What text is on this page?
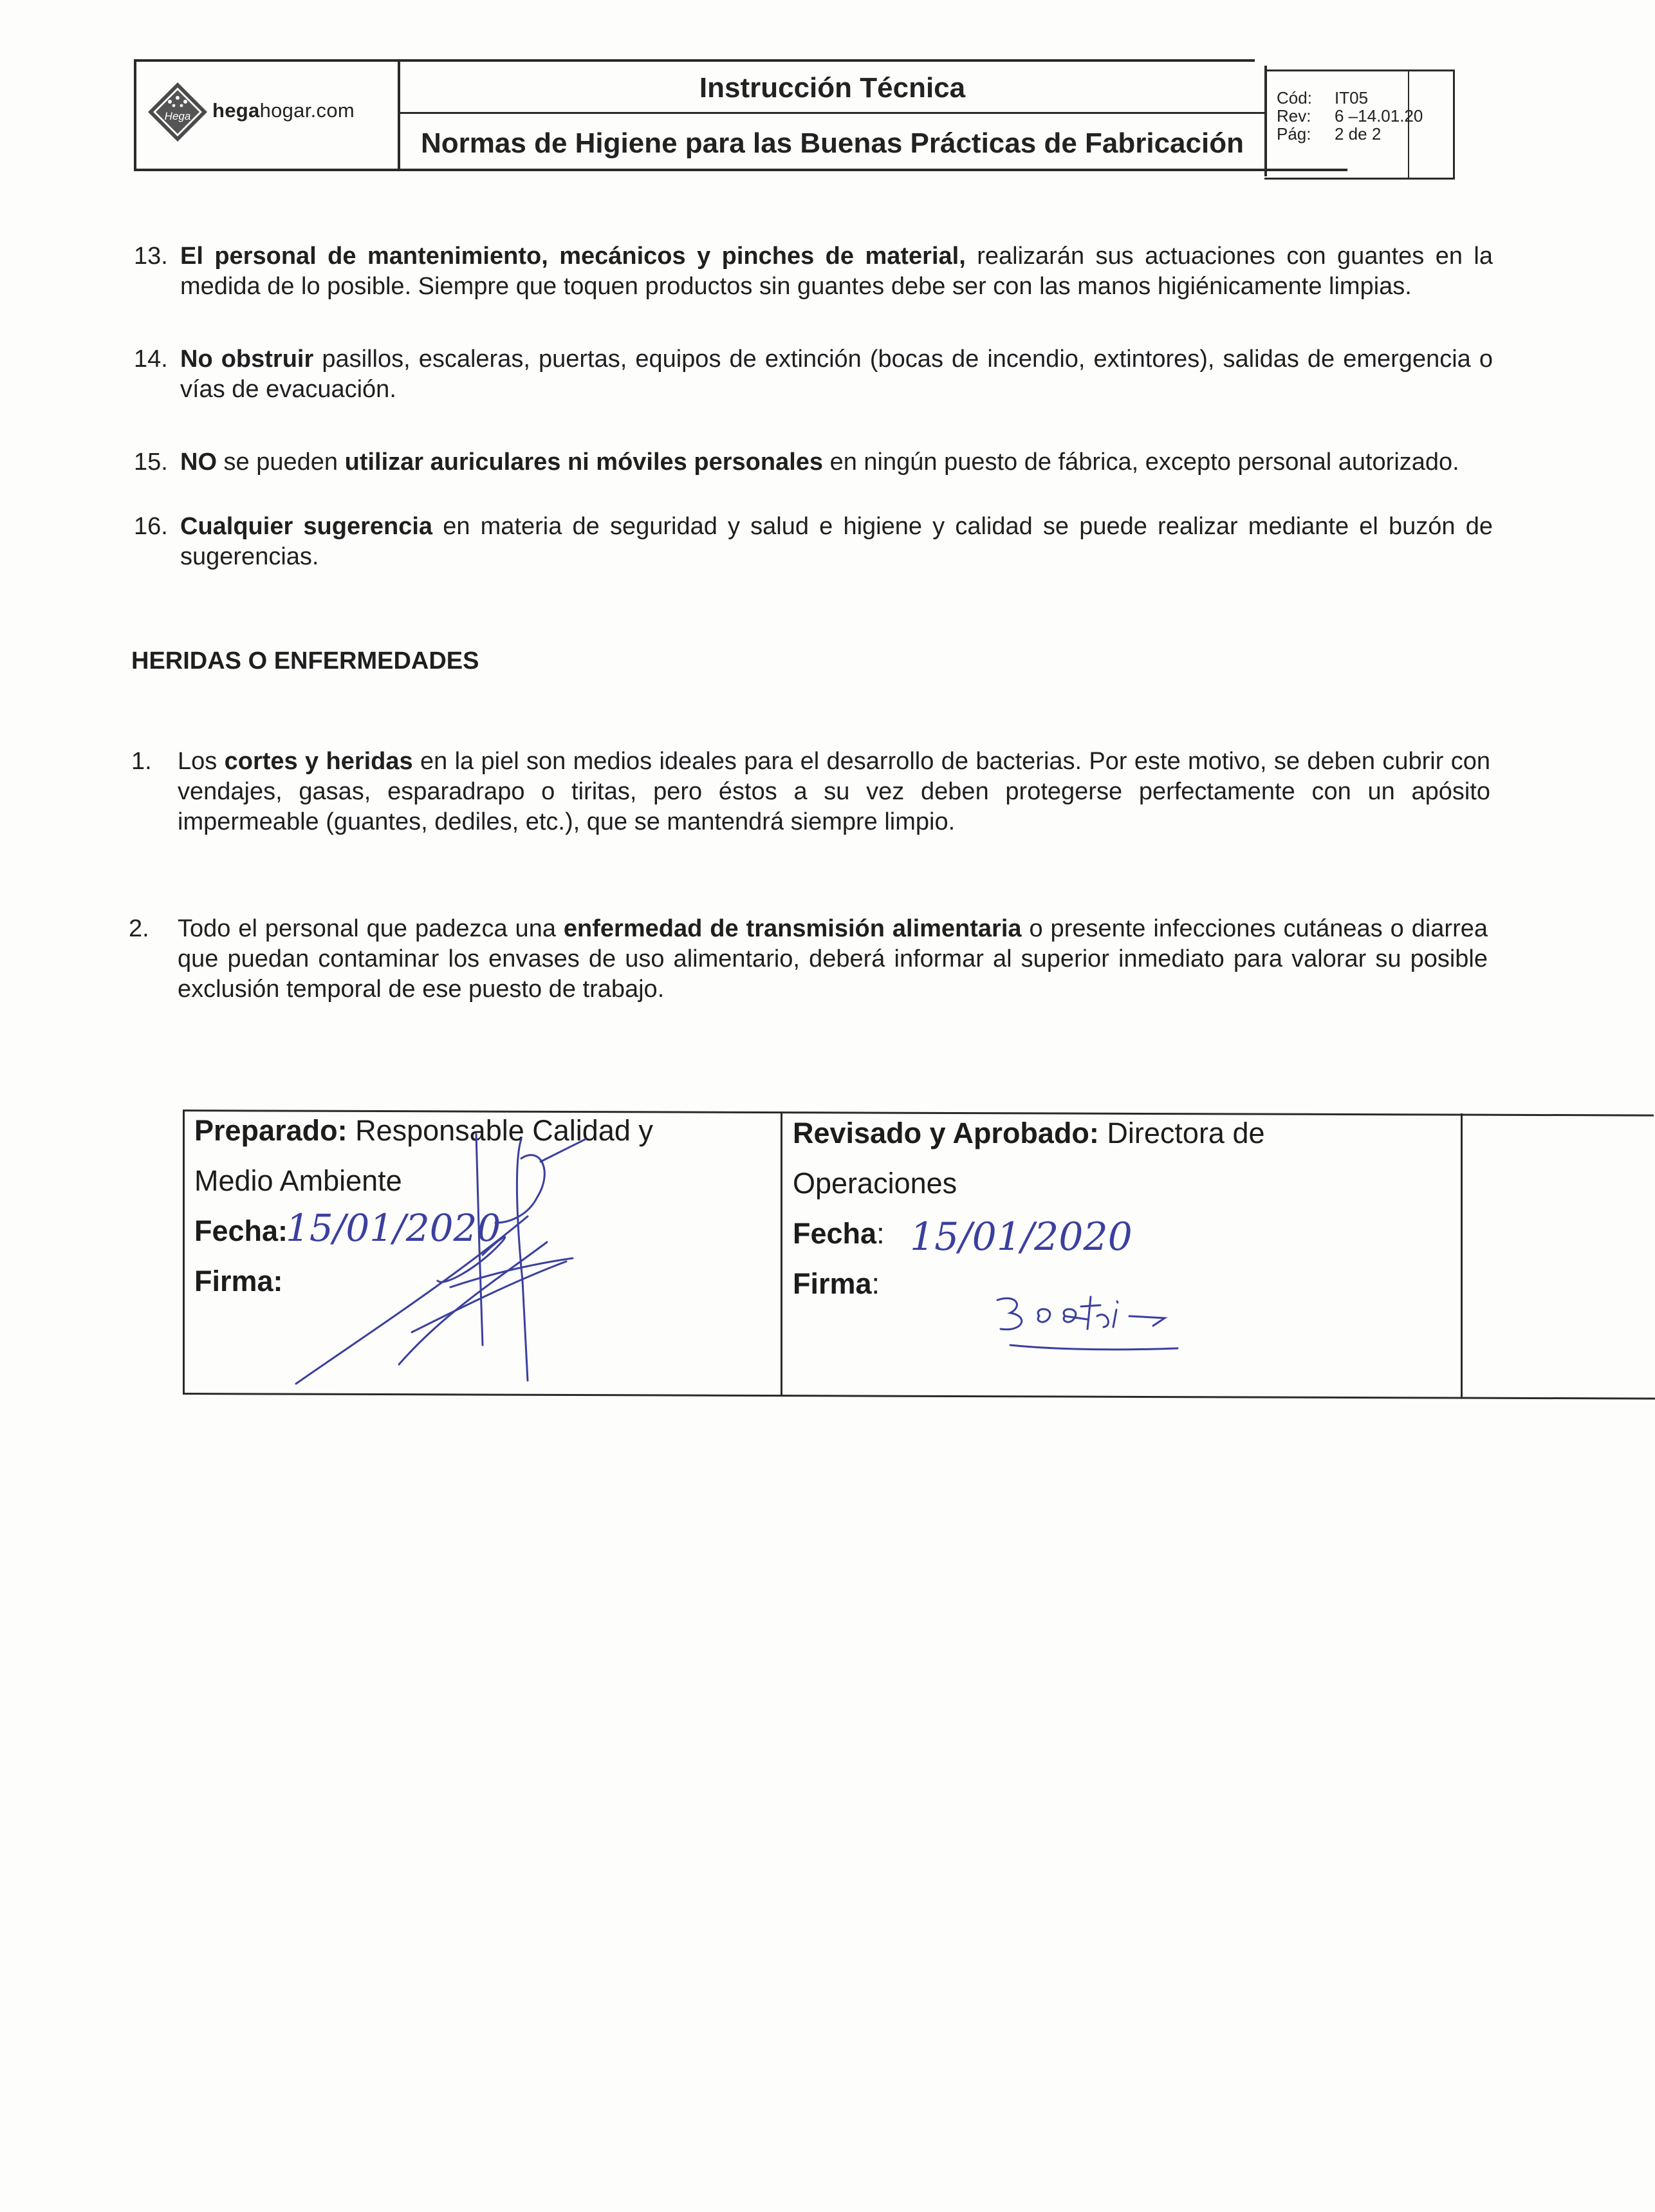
Hega hegahogar.com
Instrucción Técnica
Normas de Higiene para las Buenas Prácticas de Fabricación
Cód:
Rev:
Pág:
IT05
6 –14.01.20
2 de 2
13. El personal de mantenimiento, mecánicos y pinches de material, realizarán sus actuaciones con guantes en la medida de lo posible. Siempre que toquen productos sin guantes debe ser con las manos higiénicamente limpias.
14. No obstruir pasillos, escaleras, puertas, equipos de extinción (bocas de incendio, extintores), salidas de emergencia o vías de evacuación.
15. NO se pueden utilizar auriculares ni móviles personales en ningún puesto de fábrica, excepto personal autorizado.
16. Cualquier sugerencia en materia de seguridad y salud e higiene y calidad se puede realizar mediante el buzón de sugerencias.
HERIDAS O ENFERMEDADES
1. Los cortes y heridas en la piel son medios ideales para el desarrollo de bacterias. Por este motivo, se deben cubrir con vendajes, gasas, esparadrapo o tiritas, pero éstos a su vez deben protegerse perfectamente con un apósito impermeable (guantes, dediles, etc.), que se mantendrá siempre limpio.
2. Todo el personal que padezca una enfermedad de transmisión alimentaria o presente infecciones cutáneas o diarrea que puedan contaminar los envases de uso alimentario, deberá informar al superior inmediato para valorar su posible exclusión temporal de ese puesto de trabajo.
Preparado: Responsable Calidad y
Medio Ambiente
Fecha:
Firma:
15/01/2020
Revisado y Aprobado: Directora de
Operaciones
Fecha:
Firma:
15/01/2020
